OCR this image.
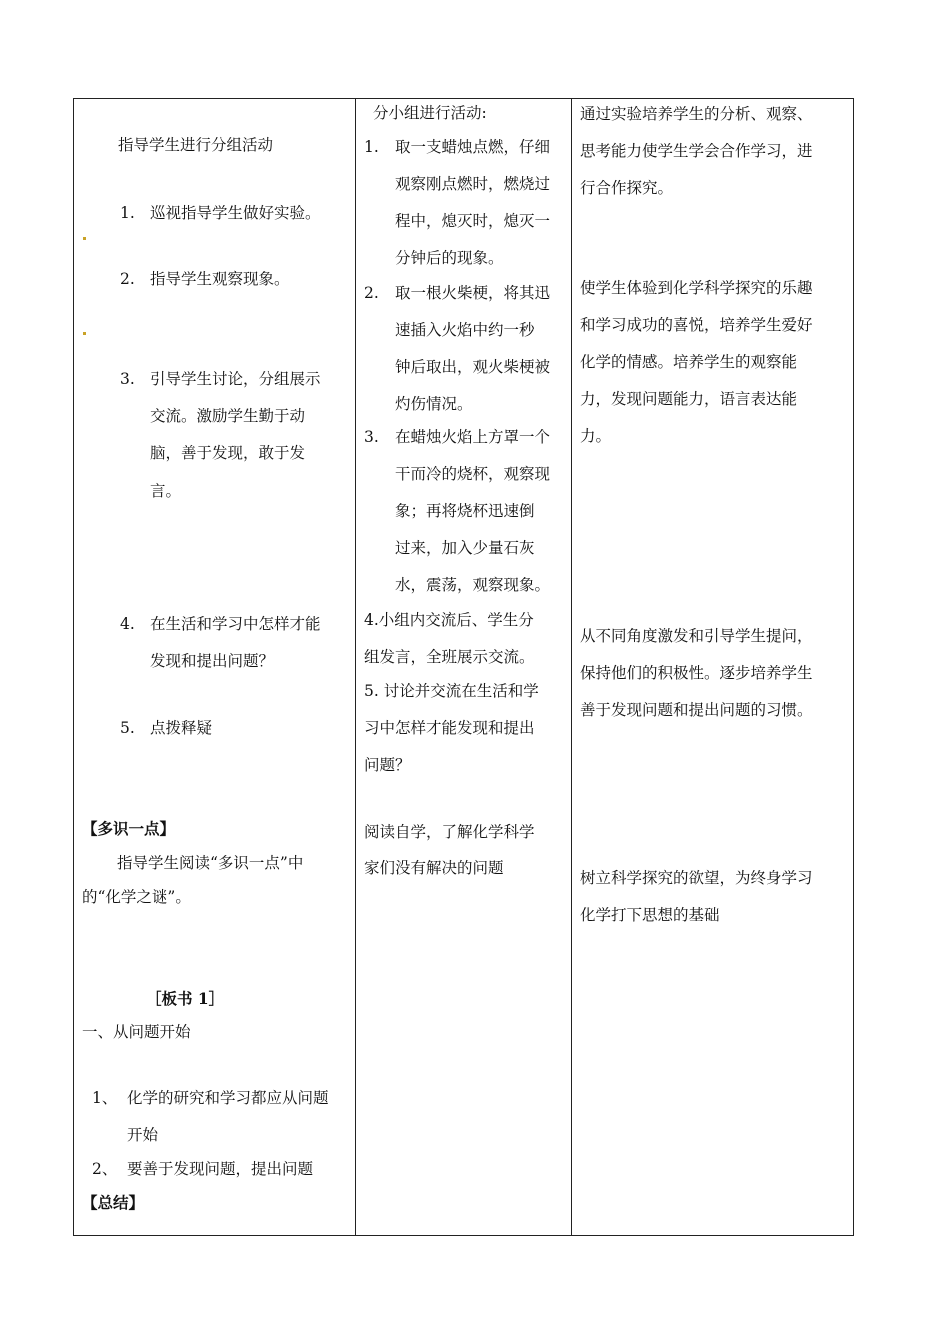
指导学生进行分组活动
1. 巡视指导学生做好实验。
2. 指导学生观察现象。
3. 引导学生讨论，分组展示
交流。激励学生勤于动
脑，善于发现，敢于发
言。
4. 在生活和学习中怎样才能
发现和提出问题？
5. 点拨释疑
【多识一点】
指导学生阅读“多识一点”中
的“化学之谜”。
［板书 1］
一、从问题开始
1、 化学的研究和学习都应从问题
开始
2、 要善于发现问题，提出问题
【总结】

分小组进行活动:
1. 取一支蜡烛点燃，仔细
观察刚点燃时，燃烧过
程中，熄灭时，熄灭一
分钟后的现象。
2. 取一根火柴梗，将其迅
速插入火焰中约一秒
钟后取出，观火柴梗被
灼伤情况。
3. 在蜡烛火焰上方罩一个
干而冷的烧杯，观察现
象；再将烧杯迅速倒
过来，加入少量石灰
水，震荡，观察现象。
4.小组内交流后、学生分
组发言，全班展示交流。
5. 讨论并交流在生活和学
习中怎样才能发现和提出
问题？
阅读自学，了解化学科学
家们没有解决的问题

通过实验培养学生的分析、观察、
思考能力使学生学会合作学习，进
行合作探究。
使学生体验到化学科学探究的乐趣
和学习成功的喜悦，培养学生爱好
化学的情感。培养学生的观察能
力，发现问题能力，语言表达能
力。
从不同角度激发和引导学生提问，
保持他们的积极性。逐步培养学生
善于发现问题和提出问题的习惯。
树立科学探究的欲望，为终身学习
化学打下思想的基础
